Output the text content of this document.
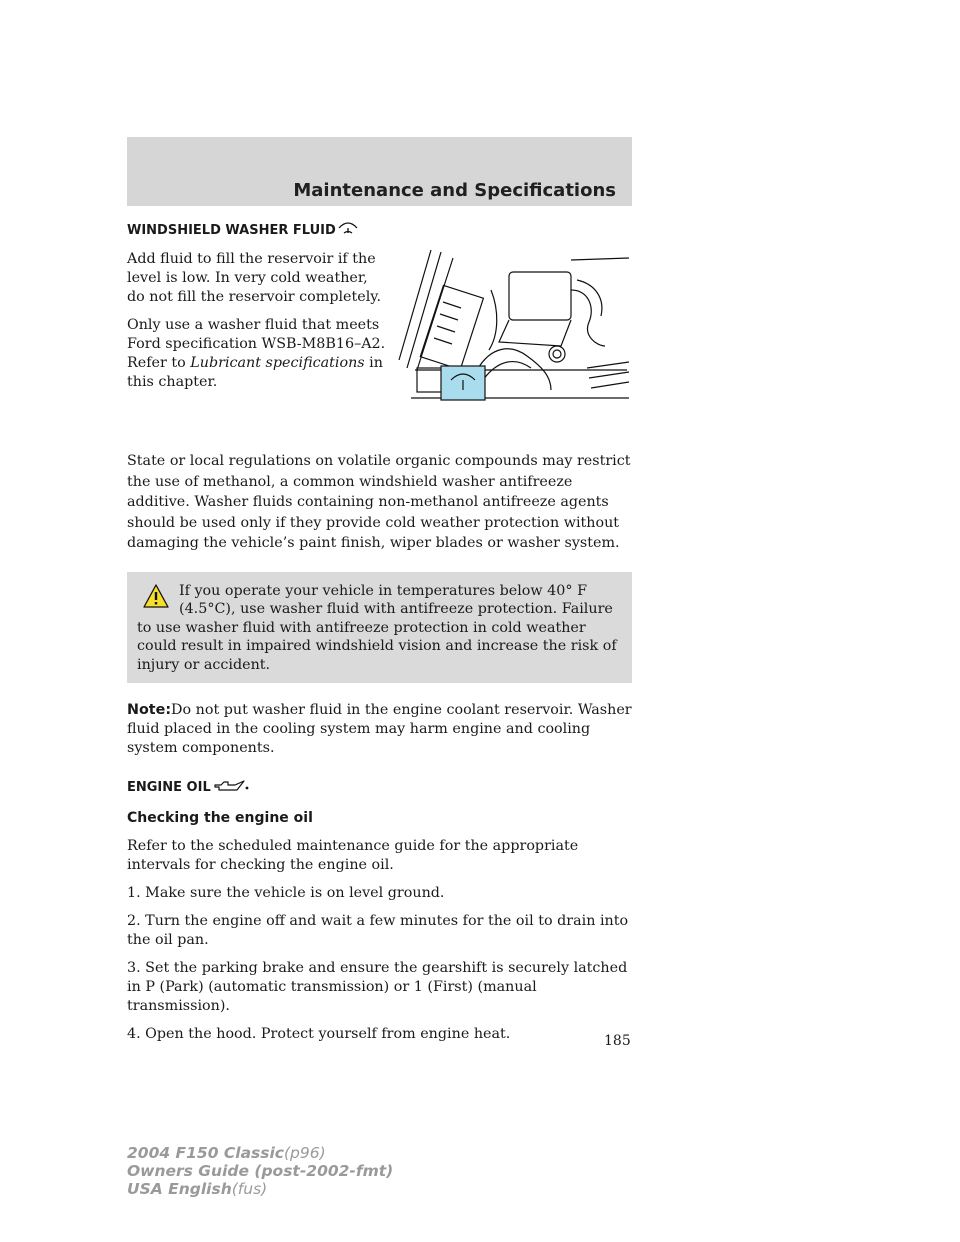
Maintenance and Specifications
WINDSHIELD WASHER FLUID

Add fluid to fill the reservoir if the level is low. In very cold weather, do not fill the reservoir completely.

Only use a washer fluid that meets Ford specification WSB-M8B16–A2. Refer to Lubricant specifications in this chapter.

State or local regulations on volatile organic compounds may restrict the use of methanol, a common windshield washer antifreeze additive. Washer fluids containing non-methanol antifreeze agents should be used only if they provide cold weather protection without damaging the vehicle’s paint finish, wiper blades or washer system.

If you operate your vehicle in temperatures below 40° F (4.5°C), use washer fluid with antifreeze protection. Failure to use washer fluid with antifreeze protection in cold weather could result in impaired windshield vision and increase the risk of injury or accident.

Note:Do not put washer fluid in the engine coolant reservoir. Washer fluid placed in the cooling system may harm engine and cooling system components.

ENGINE OIL
Checking the engine oil

Refer to the scheduled maintenance guide for the appropriate intervals for checking the engine oil.

1. Make sure the vehicle is on level ground.

2. Turn the engine off and wait a few minutes for the oil to drain into the oil pan.

3. Set the parking brake and ensure the gearshift is securely latched in P (Park) (automatic transmission) or 1 (First) (manual transmission).

4. Open the hood. Protect yourself from engine heat.	185
2004 F150 Classic(p96)
Owners Guide (post-2002-fmt)
USA English(fus)
